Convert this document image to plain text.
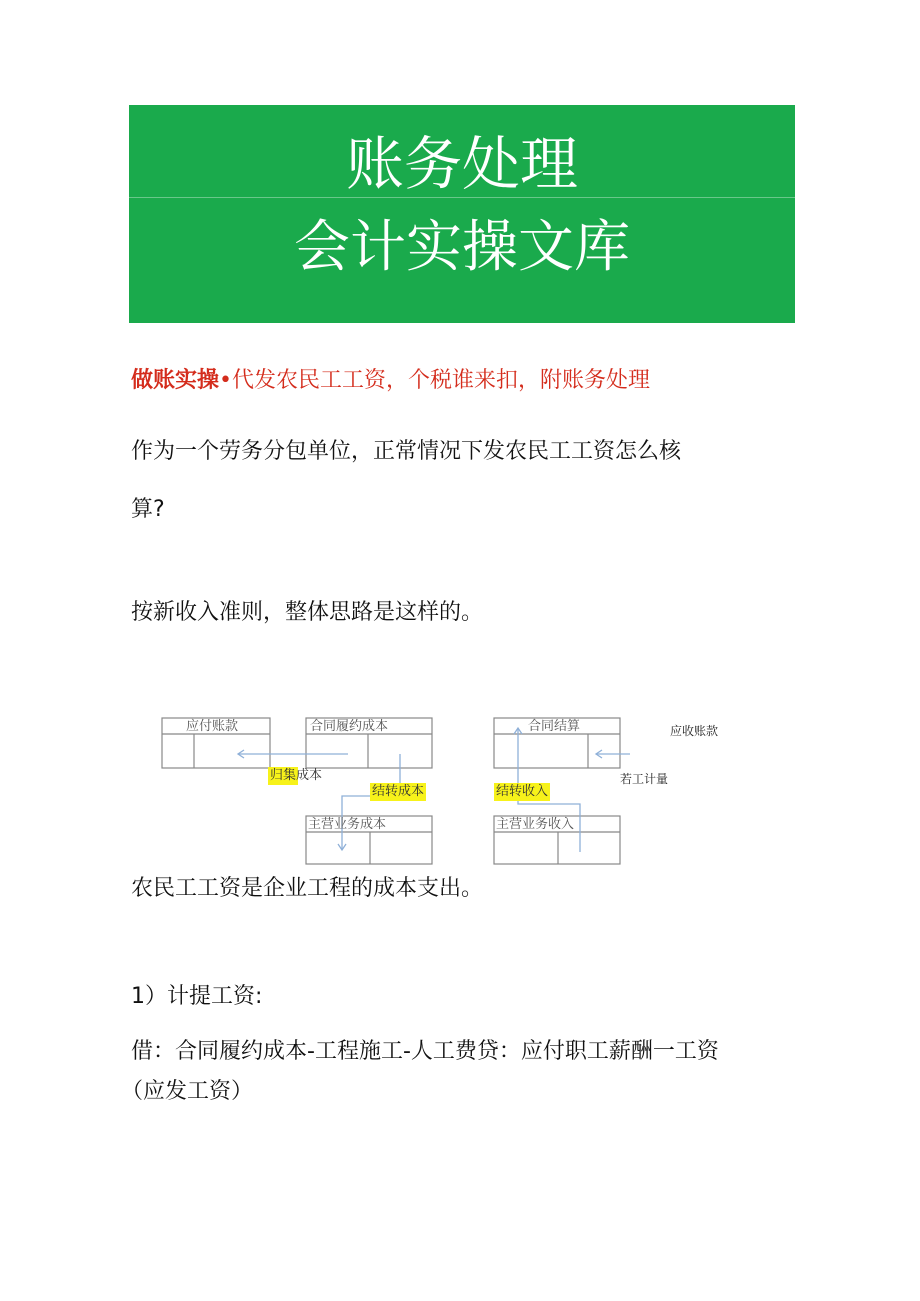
账务处理
会计实操文库
做账实操•代发农民工工资，个税谁来扣，附账务处理
作为一个劳务分包单位，正常情况下发农民工工资怎么核
算?
按新收入准则，整体思路是这样的。
应付账款	合同履约成本	合同结算
主营业务成本	主营业务收入
归集 成本
结转成本	结转收入
应收账款
若工计量
农民工工资是企业工程的成本支出。
1）计提工资:
借：合同履约成本-工程施工-人工费贷：应付职工薪酬一工资
（应发工资）
